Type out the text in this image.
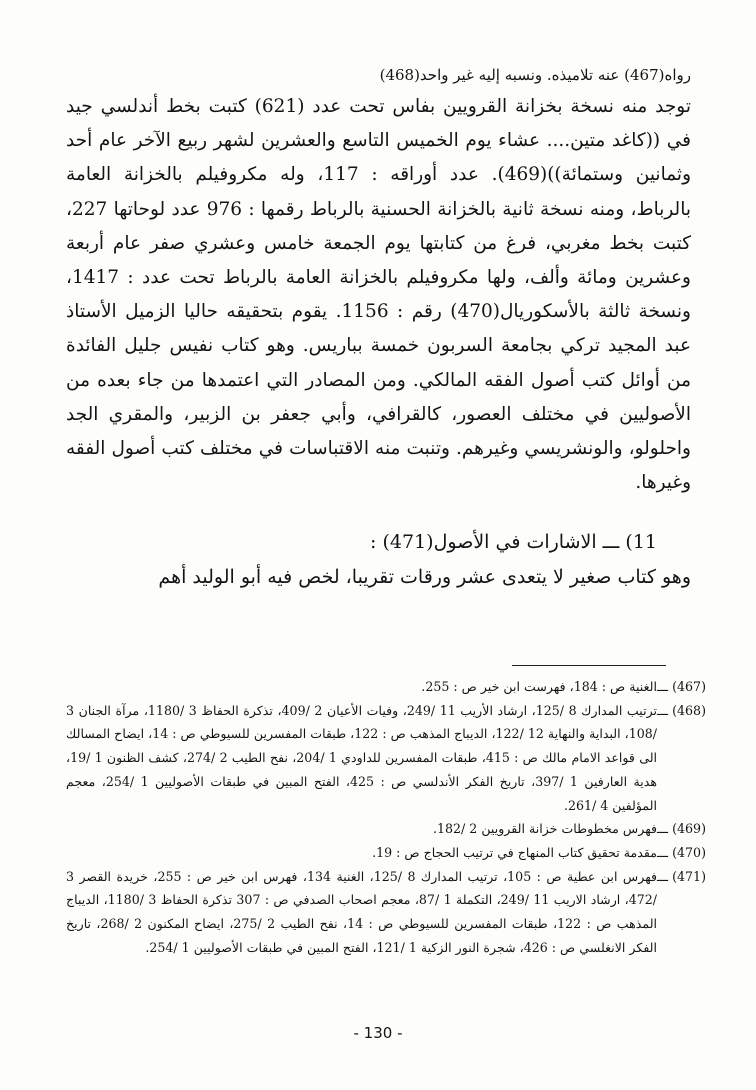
رواه(467) عنه تلاميذه. ونسبه إليه غير واحد(468)

توجد منه نسخة بخزانة القرويين بفاس تحت عدد (621) كتبت بخط أندلسي جيد في ((كاغد متين.... عشاء يوم الخميس التاسع والعشرين لشهر ربيع الآخر عام أحد وثمانين وستمائة))(469). عدد أوراقه : 117، وله مكروفيلم بالخزانة العامة بالرباط، ومنه نسخة ثانية بالخزانة الحسنية بالرباط رقمها : 976 عدد لوحاتها 227، كتبت بخط مغربي، فرغ من كتابتها يوم الجمعة خامس وعشري صفر عام أربعة وعشرين ومائة وألف، ولها مكروفيلم بالخزانة العامة بالرباط تحت عدد : 1417، ونسخة ثالثة بالأسكوريال(470) رقم : 1156. يقوم بتحقيقه حاليا الزميل الأستاذ عبد المجيد تركي بجامعة السربون خمسة بباريس. وهو كتاب نفيس جليل الفائدة من أوائل كتب أصول الفقه المالكي. ومن المصادر التي اعتمدها من جاء بعده من الأصوليين في مختلف العصور، كالقرافي، وأبي جعفر بن الزبير، والمقري الجد واحلولو، والونشريسي وغيرهم. وتنبت منه الاقتباسات في مختلف كتب أصول الفقه وغيرها.

11) ـــ الاشارات في الأصول(471) :

وهو كتاب صغير لا يتعدى عشر ورقات تقريبا، لخص فيه أبو الوليد أهم

(467) ـــ
الغنية ص : 184، فهرست ابن خير ص : 255.
(468) ـــ
ترتيب المدارك 8 /125، ارشاد الأريب 11 /249، وفيات الأعيان 2 /409، تذكرة الحفاظ 3 /1180، مرآة الجنان 3 /108، البداية والنهاية 12 /122، الديباج المذهب ص : 122، طبقات المفسرين للسيوطي ص : 14، ايضاح المسالك الى قواعد الامام مالك ص : 415، طبقات المفسرين للداودي 1 /204، نفح الطيب 2 /274، كشف الظنون 1 /19، هدية العارفين 1 /397، تاريخ الفكر الأندلسي ص : 425، الفتح المبين في طبقات الأصوليين 1 /254، معجم المؤلفين 4 /261.
(469) ـــ
فهرس مخطوطات خزانة القرويين 2 /182.
(470) ـــ
مقدمة تحقيق كتاب المنهاج في ترتيب الحجاج ص : 19.
(471) ـــ
فهرس ابن عطية ص : 105، ترتيب المدارك 8 /125، الغنية 134، فهرس ابن خير ص : 255، خريدة القصر 3 /472، ارشاد الاريب 11 /249، التكملة 1 /87، معجم اصحاب الصدفي ص : 307 تذكرة الحفاظ 3 /1180، الديباج المذهب ص : 122، طبقات المفسرين للسيوطي ص : 14، نفح الطيب 2 /275، ايضاح المكنون 2 /268، تاريخ الفكر الانغلسي ص : 426، شجرة النور الزكية 1 /121، الفتح المبين في طبقات الأصوليين 1 /254.
- 130 -
